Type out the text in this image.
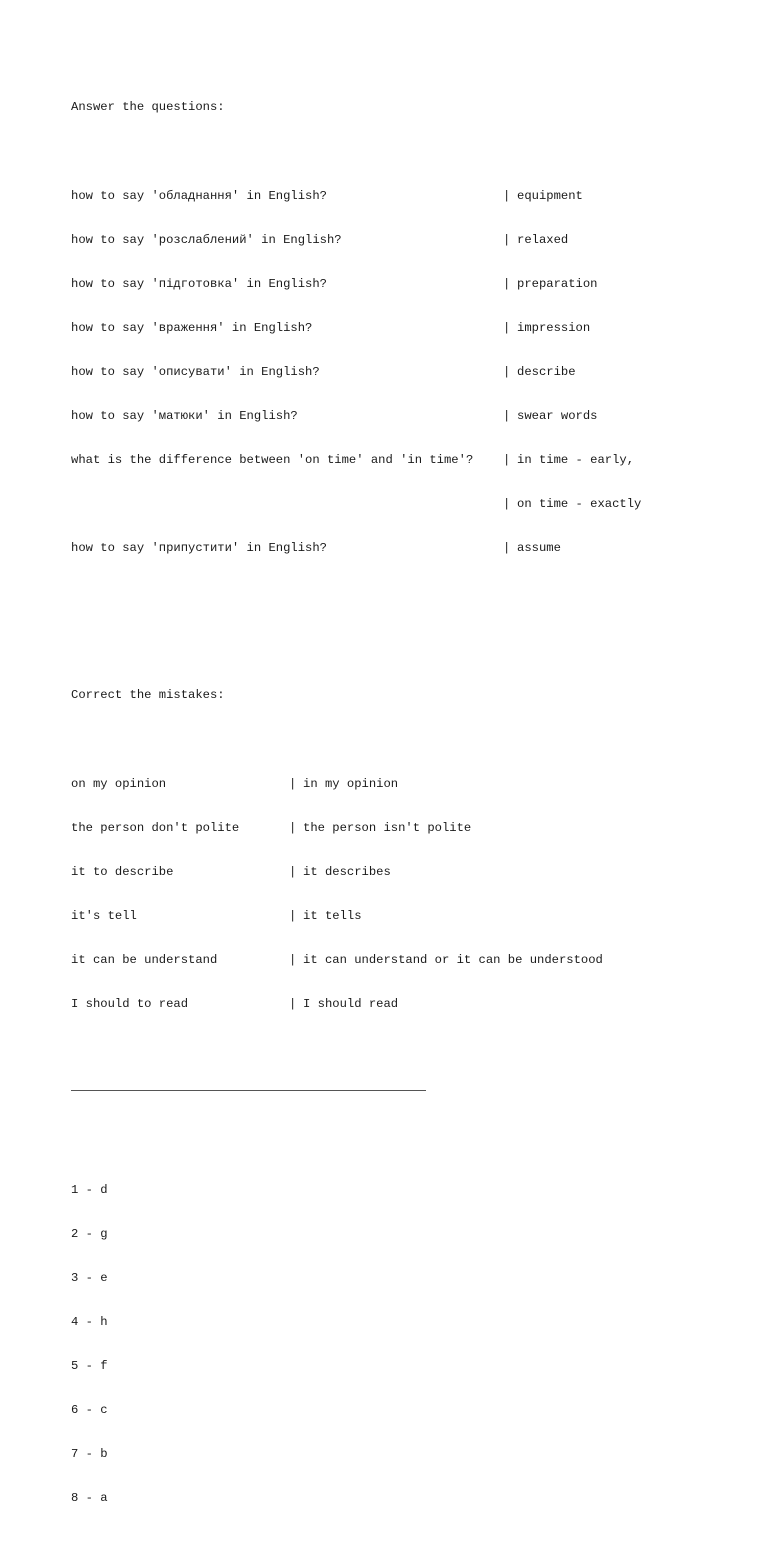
Answer the questions:

how to say 'обладнання' in English?	| equipment

how to say 'розслаблений' in English?	| relaxed

how to say 'підготовка' in English?	| preparation

how to say 'враження' in English?	| impression

how to say 'описувати' in English?	| describe

how to say 'матюки' in English?	| swear words

what is the difference between 'on time' and 'in time'?	| in time - early,

| on time - exactly

how to say 'припустити' in English?	| assume

Correct the mistakes:

on my opinion	| in my opinion

the person don't polite	| the person isn't polite

it to describe	| it describes

it's tell	| it tells

it can be understand	| it can understand or it can be understood

I should to read	| I should read

1 - d

2 - g

3 - e

4 - h

5 - f

6 - c

7 - b

8 - a
